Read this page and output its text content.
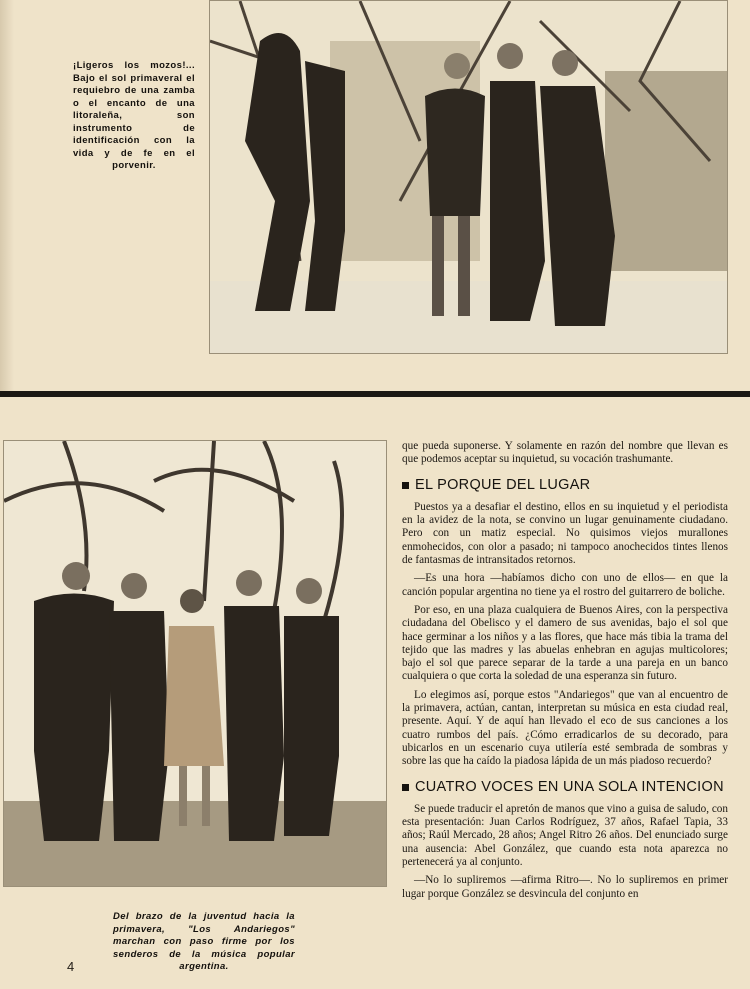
¡Ligeros los mozos!... Bajo el sol primaveral el requiebro de una zamba o el encanto de una litoraleña, son instrumento de identificación con la vida y de fe en el porvenir.
Del brazo de la juventud hacia la primavera, "Los Andariegos" marchan con paso firme por los senderos de la música popular argentina.

que pueda suponerse. Y solamente en razón del nombre que llevan es que podemos aceptar su inquietud, su vocación trashumante.

EL PORQUE DEL LUGAR

Puestos ya a desafiar el destino, ellos en su inquietud y el periodista en la avidez de la nota, se convino un lugar genuinamente ciudadano. Pero con un matiz especial. No quisimos viejos murallones enmohecidos, con olor a pasado; ni tampoco anochecidos tintes llenos de fantasmas de intransitados retornos.

—Es una hora —habíamos dicho con uno de ellos— en que la canción popular argentina no tiene ya el rostro del guitarrero de boliche.

Por eso, en una plaza cualquiera de Buenos Aires, con la perspectiva ciudadana del Obelisco y el damero de sus avenidas, bajo el sol que hace germinar a los niños y a las flores, que hace más tibia la trama del tejido que las madres y las abuelas enhebran en agujas multicolores; bajo el sol que parece separar de la tarde a una pareja en un banco cualquiera o que corta la soledad de una esperanza sin futuro.

Lo elegimos así, porque estos "Andariegos" que van al encuentro de la primavera, actúan, cantan, interpretan su música en esta ciudad real, presente. Aquí. Y de aquí han llevado el eco de sus canciones a los cuatro rumbos del país. ¿Cómo erradicarlos de su decorado, para ubicarlos en un escenario cuya utilería esté sembrada de sombras y sobre las que ha caído la piadosa lápida de un más piadoso recuerdo?

CUATRO VOCES EN UNA SOLA INTENCION

Se puede traducir el apretón de manos que vino a guisa de saludo, con esta presentación: Juan Carlos Rodríguez, 37 años, Rafael Tapia, 33 años; Raúl Mercado, 28 años; Angel Ritro 26 años. Del enunciado surge una ausencia: Abel González, que cuando esta nota aparezca no pertenecerá ya al conjunto.

—No lo supliremos —afirma Ritro—. No lo supliremos en primer lugar porque González se desvincula del conjunto en

4
